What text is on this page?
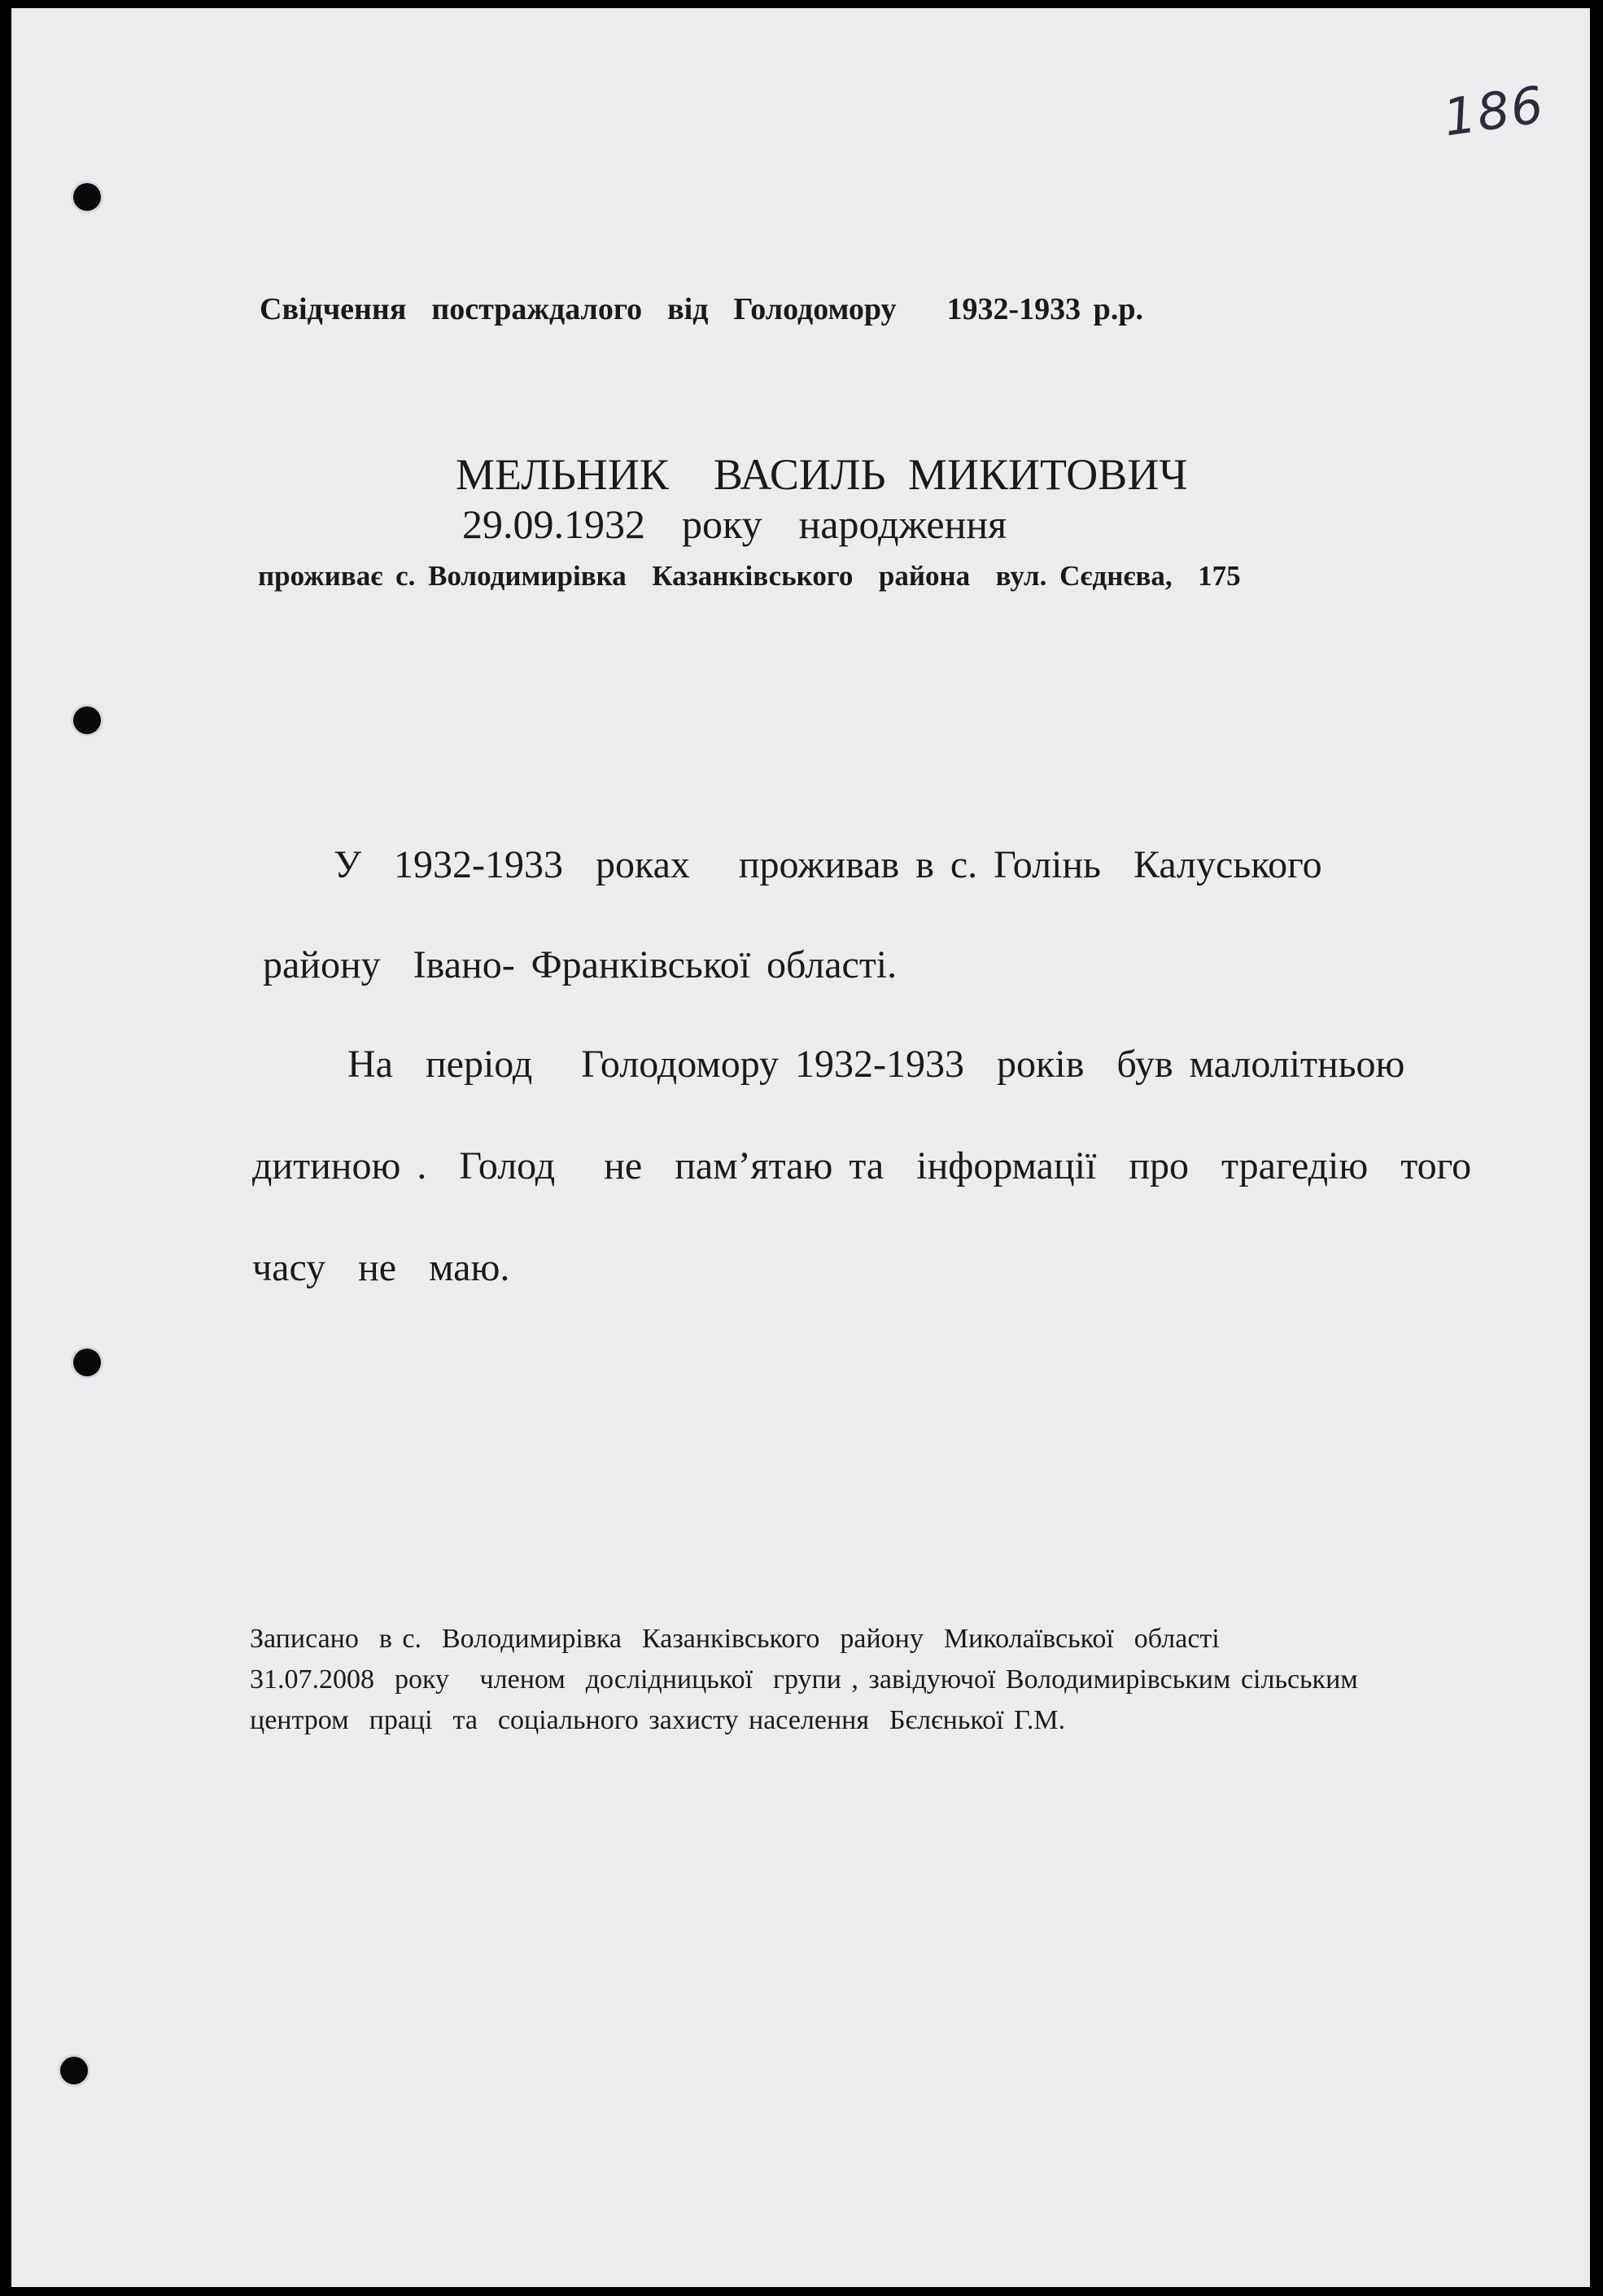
186
Свідчення  постраждалого  від  Голодомору    1932-1933 р.р.
МЕЛЬНИК  ВАСИЛЬ МИКИТОВИЧ
29.09.1932  року  народження
проживає с. Володимирівка  Казанківського  района  вул. Сєднєва,  175
У  1932-1933  роках   проживав в с. Голінь  Калуського
району  Івано- Франківської області.
На  період   Голодомору 1932-1933  років  був малолітньою
дитиною .  Голод   не  пам’ятаю та  інформації  про  трагедію  того
часу  не  маю.
Записано  в с.  Володимирівка  Казанківського  району  Миколаївської  області
31.07.2008  року   членом  дослідницької  групи , завідуючої Володимирівським сільським
центром  праці  та  соціального захисту населення  Бєлєнької Г.М.
